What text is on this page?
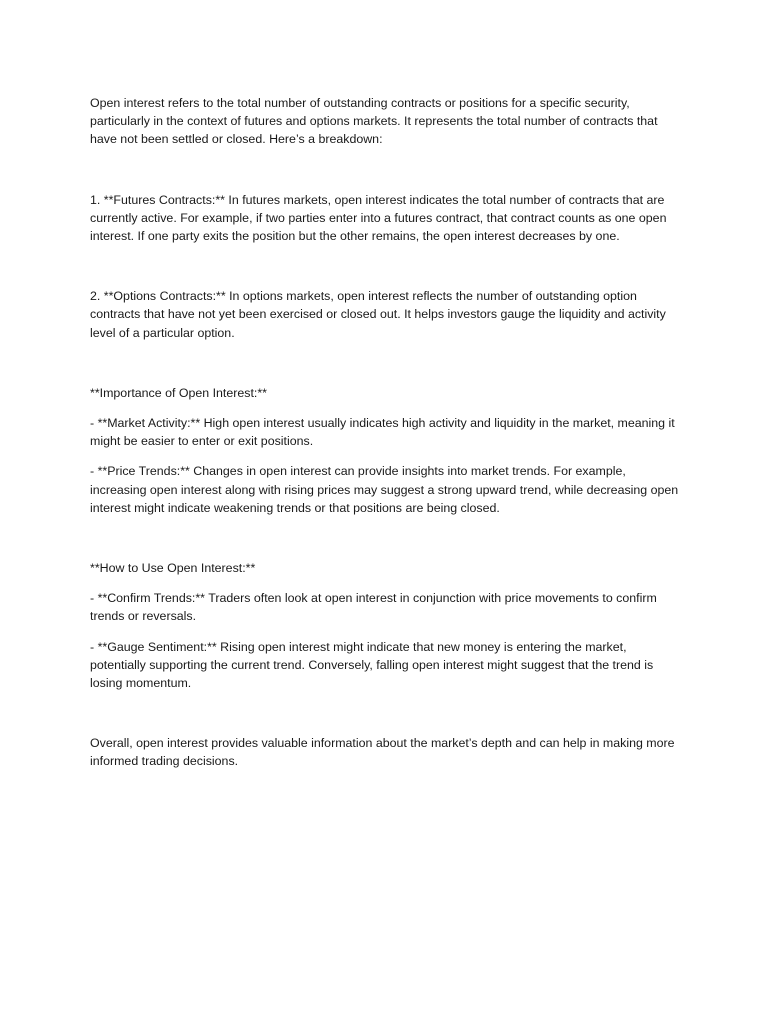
Open interest refers to the total number of outstanding contracts or positions for a specific security, particularly in the context of futures and options markets. It represents the total number of contracts that have not been settled or closed. Here’s a breakdown:

1. **Futures Contracts:** In futures markets, open interest indicates the total number of contracts that are currently active. For example, if two parties enter into a futures contract, that contract counts as one open interest. If one party exits the position but the other remains, the open interest decreases by one.

2. **Options Contracts:** In options markets, open interest reflects the number of outstanding option contracts that have not yet been exercised or closed out. It helps investors gauge the liquidity and activity level of a particular option.

**Importance of Open Interest:**

- **Market Activity:** High open interest usually indicates high activity and liquidity in the market, meaning it might be easier to enter or exit positions.

- **Price Trends:** Changes in open interest can provide insights into market trends. For example, increasing open interest along with rising prices may suggest a strong upward trend, while decreasing open interest might indicate weakening trends or that positions are being closed.

**How to Use Open Interest:**

- **Confirm Trends:** Traders often look at open interest in conjunction with price movements to confirm trends or reversals.

- **Gauge Sentiment:** Rising open interest might indicate that new money is entering the market, potentially supporting the current trend. Conversely, falling open interest might suggest that the trend is losing momentum.

Overall, open interest provides valuable information about the market’s depth and can help in making more informed trading decisions.
